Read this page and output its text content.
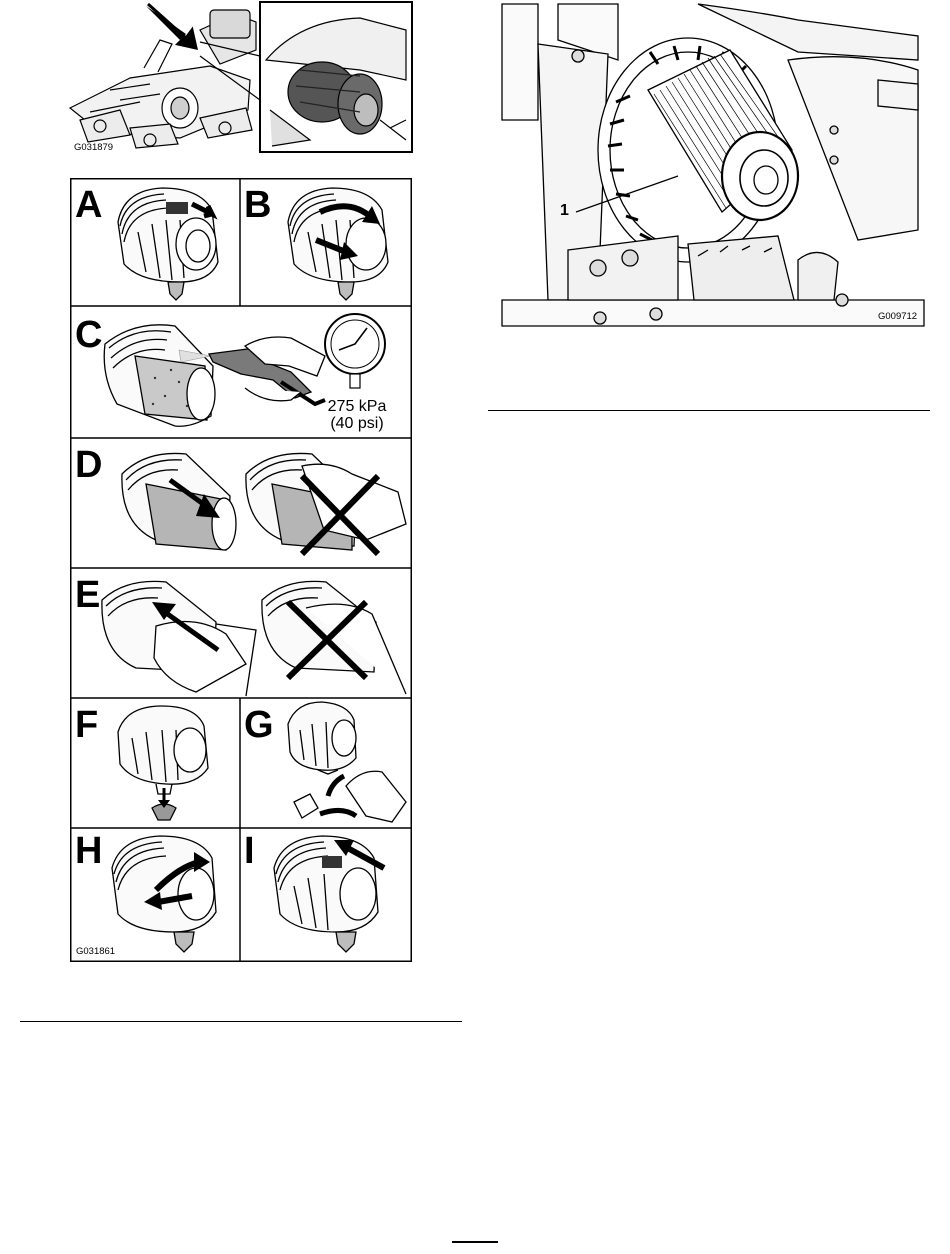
G031879
A	B
C
275 kPa
(40 psi)
D
E
F	G
H
G031861
I
1
G009712
